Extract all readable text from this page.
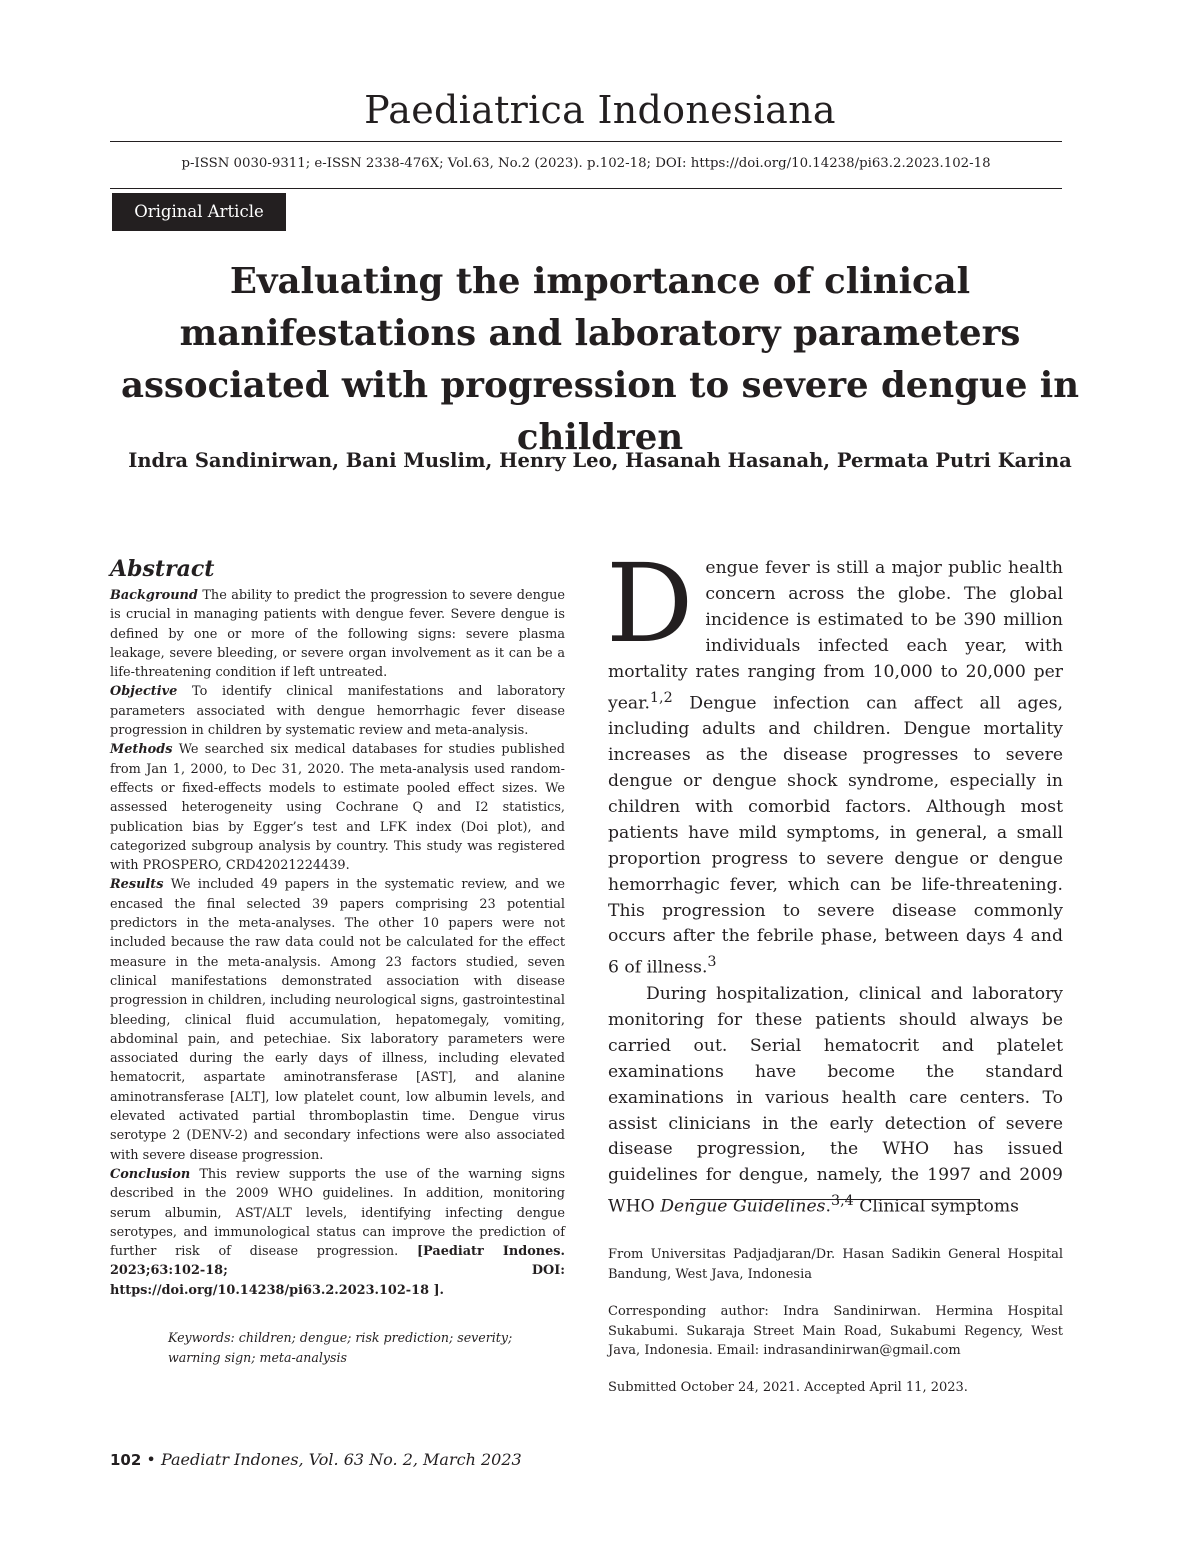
Paediatrica Indonesiana
p-ISSN 0030-9311; e-ISSN 2338-476X; Vol.63, No.2 (2023). p.102-18; DOI: https://doi.org/10.14238/pi63.2.2023.102-18
Original Article
Evaluating the importance of clinical manifestations and laboratory parameters associated with progression to severe dengue in children
Indra Sandinirwan, Bani Muslim, Henry Leo, Hasanah Hasanah, Permata Putri Karina
Abstract

Background The ability to predict the progression to severe dengue is crucial in managing patients with dengue fever. Severe dengue is defined by one or more of the following signs: severe plasma leakage, severe bleeding, or severe organ involvement as it can be a life-threatening condition if left untreated.
Objective To identify clinical manifestations and laboratory parameters associated with dengue hemorrhagic fever disease progression in children by systematic review and meta-analysis.
Methods We searched six medical databases for studies published from Jan 1, 2000, to Dec 31, 2020. The meta-analysis used random-effects or fixed-effects models to estimate pooled effect sizes. We assessed heterogeneity using Cochrane Q and I2 statistics, publication bias by Egger’s test and LFK index (Doi plot), and categorized subgroup analysis by country. This study was registered with PROSPERO, CRD42021224439.
Results We included 49 papers in the systematic review, and we encased the final selected 39 papers comprising 23 potential predictors in the meta-analyses. The other 10 papers were not included because the raw data could not be calculated for the effect measure in the meta-analysis. Among 23 factors studied, seven clinical manifestations demonstrated association with disease progression in children, including neurological signs, gastrointestinal bleeding, clinical fluid accumulation, hepatomegaly, vomiting, abdominal pain, and petechiae. Six laboratory parameters were associated during the early days of illness, including elevated hematocrit, aspartate aminotransferase [AST], and alanine aminotransferase [ALT], low platelet count, low albumin levels, and elevated activated partial thromboplastin time. Dengue virus serotype 2 (DENV-2) and secondary infections were also associated with severe disease progression.
Conclusion This review supports the use of the warning signs described in the 2009 WHO guidelines. In addition, monitoring serum albumin, AST/ALT levels, identifying infecting dengue serotypes, and immunological status can improve the prediction of further risk of disease progression. [Paediatr Indones. 2023;63:102-18; DOI: https://doi.org/10.14238/pi63.2.2023.102-18 ].

Keywords: children; dengue; risk prediction; severity; warning sign; meta-analysis

Dengue fever is still a major public health concern across the globe. The global incidence is estimated to be 390 million individuals infected each year, with mortality rates ranging from 10,000 to 20,000 per year.$^{1,2}$ Dengue infection can affect all ages, including adults and children. Dengue mortality increases as the disease progresses to severe dengue or dengue shock syndrome, especially in children with comorbid factors. Although most patients have mild symptoms, in general, a small proportion progress to severe dengue or dengue hemorrhagic fever, which can be life-threatening. This progression to severe disease commonly occurs after the febrile phase, between days 4 and 6 of illness.$^3$

During hospitalization, clinical and laboratory monitoring for these patients should always be carried out. Serial hematocrit and platelet examinations have become the standard examinations in various health care centers. To assist clinicians in the early detection of severe disease progression, the WHO has issued guidelines for dengue, namely, the 1997 and 2009 WHO Dengue Guidelines.$^{3,4}$ Clinical symptoms

From Universitas Padjadjaran/Dr. Hasan Sadikin General Hospital Bandung, West Java, Indonesia

Corresponding author: Indra Sandinirwan. Hermina Hospital Sukabumi. Sukaraja Street Main Road, Sukabumi Regency, West Java, Indonesia. Email: indrasandinirwan@gmail.com

Submitted October 24, 2021. Accepted April 11, 2023.

102 • Paediatr Indones, Vol. 63 No. 2, March 2023
